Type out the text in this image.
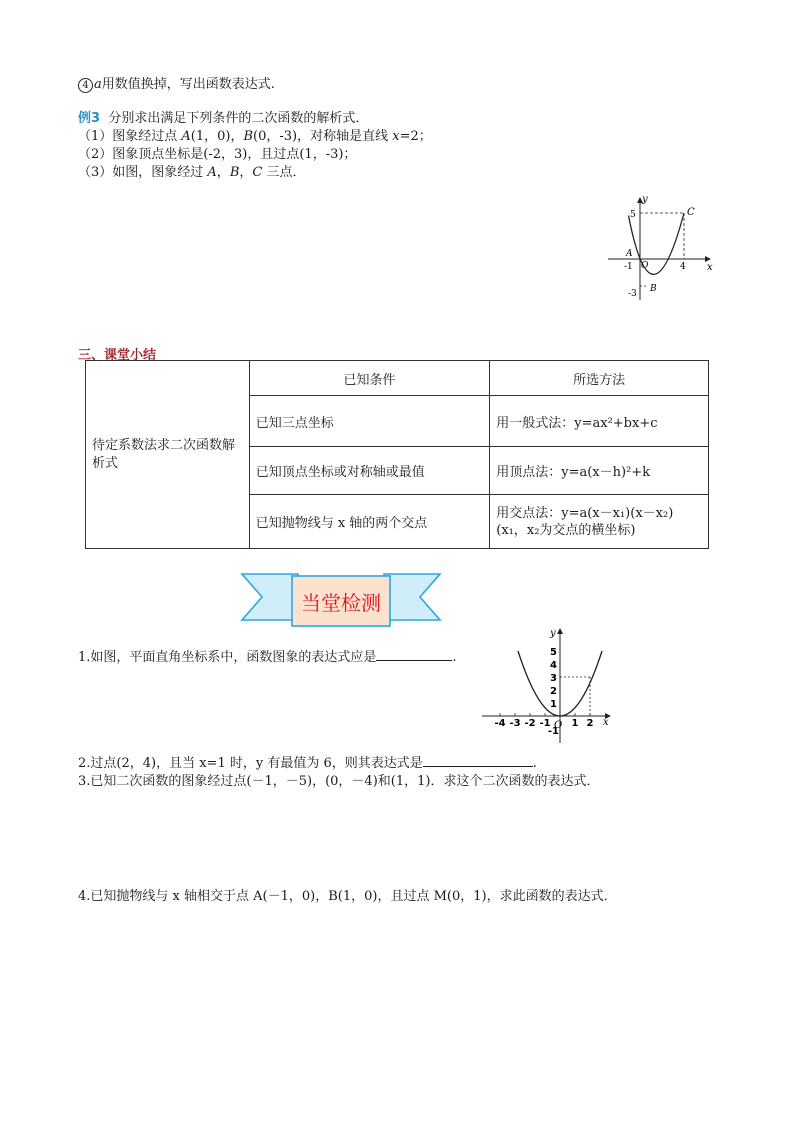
4 a用数值换掉，写出函数表达式.
例3 分别求出满足下列条件的二次函数的解析式．
（1）图象经过点 A(1，0)，B(0，-3)，对称轴是直线 x=2；
（2）图象顶点坐标是(-2，3)，且过点(1，-3)；
（3）如图，图象经过 A，B，C 三点．
y
x
C
A
B
O
5
-1	4
-3
三、课堂小结
待定系数法求二次函数解析式	已知条件	所选方法
	已知三点坐标	用一般式法：y=ax²+bx+c
	已知顶点坐标或对称轴或最值	用顶点法：y=a(x－h)²+k
	已知抛物线与 x 轴的两个交点	用交点法：y=a(x－x₁)(x－x₂)
(x₁，x₂为交点的横坐标)
当堂检测
1.如图，平面直角坐标系中，函数图象的表达式应是	.
y
x
O
5
4
3
2
1
-1
-4 -3 -2 -1 1 2
2.过点(2，4)，且当 x=1 时，y 有最值为 6，则其表达式是	.
3.已知二次函数的图象经过点(－1，－5)，(0，－4)和(1，1)．求这个二次函数的表达式．
4.已知抛物线与 x 轴相交于点 A(－1，0)，B(1，0)，且过点 M(0，1)，求此函数的表达式．
